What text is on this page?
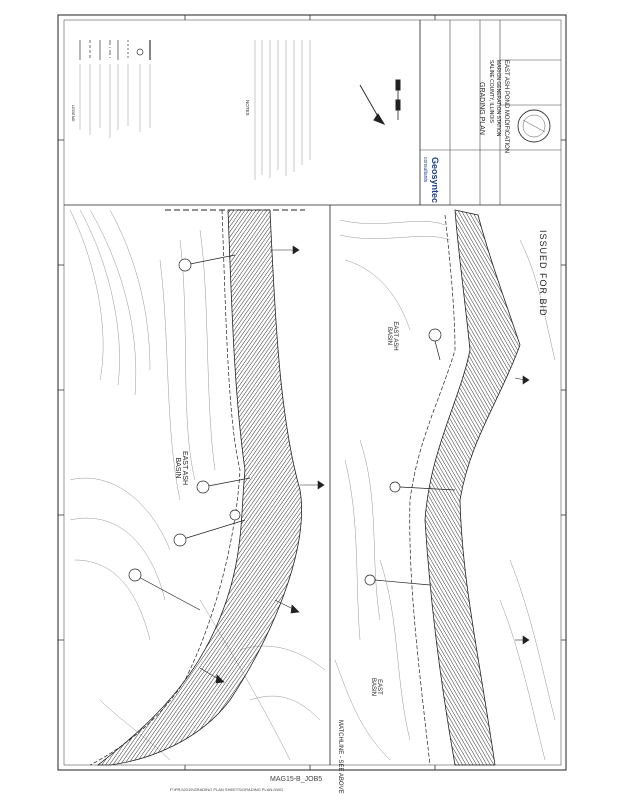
LEGEND	NOTES
EAST ASH BASIN
EAST ASH BASIN
EAST BASIN
MATCHLINE - SEE ABOVE
ISSUED FOR BID
Geosyntec
consultants
GRADING PLAN	EAST ASH POND MODIFICATION
MARION GENERATION STATION
SALINE COUNTY, ILLINOIS
MAG15-B_JOB5
P:\PRJ\2019\GRADING PLAN SHEETS\GRADING PLAN.DWG
